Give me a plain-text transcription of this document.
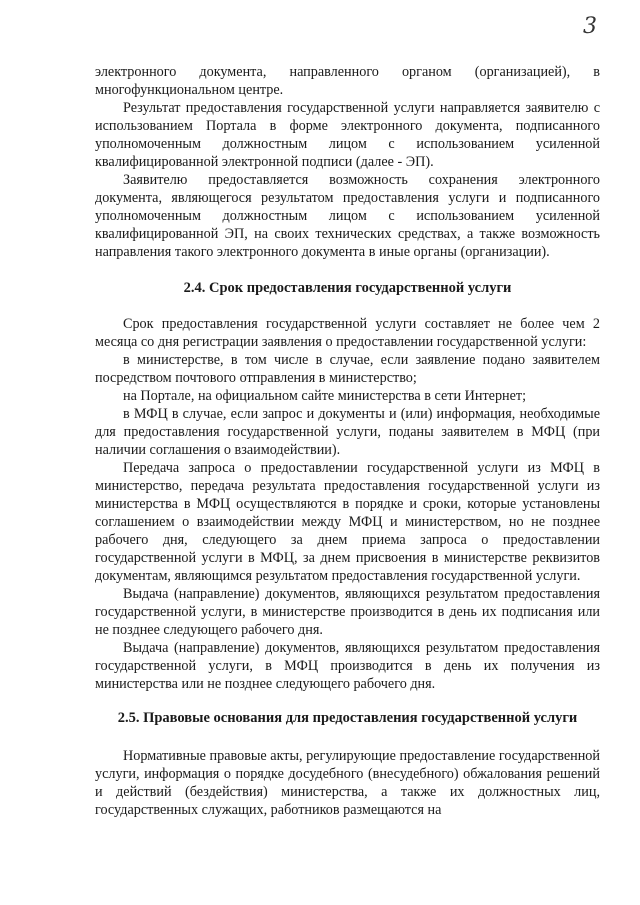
3

электронного документа, направленного органом (организацией), в многофункциональном центре.

Результат предоставления государственной услуги направляется заявителю с использованием Портала в форме электронного документа, подписанного уполномоченным должностным лицом с использованием усиленной квалифицированной электронной подписи (далее - ЭП).

Заявителю предоставляется возможность сохранения электронного документа, являющегося результатом предоставления услуги и подписанного уполномоченным должностным лицом с использованием усиленной квалифицированной ЭП, на своих технических средствах, а также возможность направления такого электронного документа в иные органы (организации).

2.4. Срок предоставления государственной услуги

Срок предоставления государственной услуги составляет не более чем 2 месяца со дня регистрации заявления о предоставлении государственной услуги:

в министерстве, в том числе в случае, если заявление подано заявителем посредством почтового отправления в министерство;

на Портале, на официальном сайте министерства в сети Интернет;

в МФЦ в случае, если запрос и документы и (или) информация, необходимые для предоставления государственной услуги, поданы заявителем в МФЦ (при наличии соглашения о взаимодействии).

Передача запроса о предоставлении государственной услуги из МФЦ в министерство, передача результата предоставления государственной услуги из министерства в МФЦ осуществляются в порядке и сроки, которые установлены соглашением о взаимодействии между МФЦ и министерством, но не позднее рабочего дня, следующего за днем приема запроса о предоставлении государственной услуги в МФЦ, за днем присвоения в министерстве реквизитов документам, являющимся результатом предоставления государственной услуги.

Выдача (направление) документов, являющихся результатом предоставления государственной услуги, в министерстве производится в день их подписания или не позднее следующего рабочего дня.

Выдача (направление) документов, являющихся результатом предоставления государственной услуги, в МФЦ производится в день их получения из министерства или не позднее следующего рабочего дня.

2.5. Правовые основания для предоставления государственной услуги

Нормативные правовые акты, регулирующие предоставление государственной услуги, информация о порядке досудебного (внесудебного) обжалования решений и действий (бездействия) министерства, а также их должностных лиц, государственных служащих, работников размещаются на
